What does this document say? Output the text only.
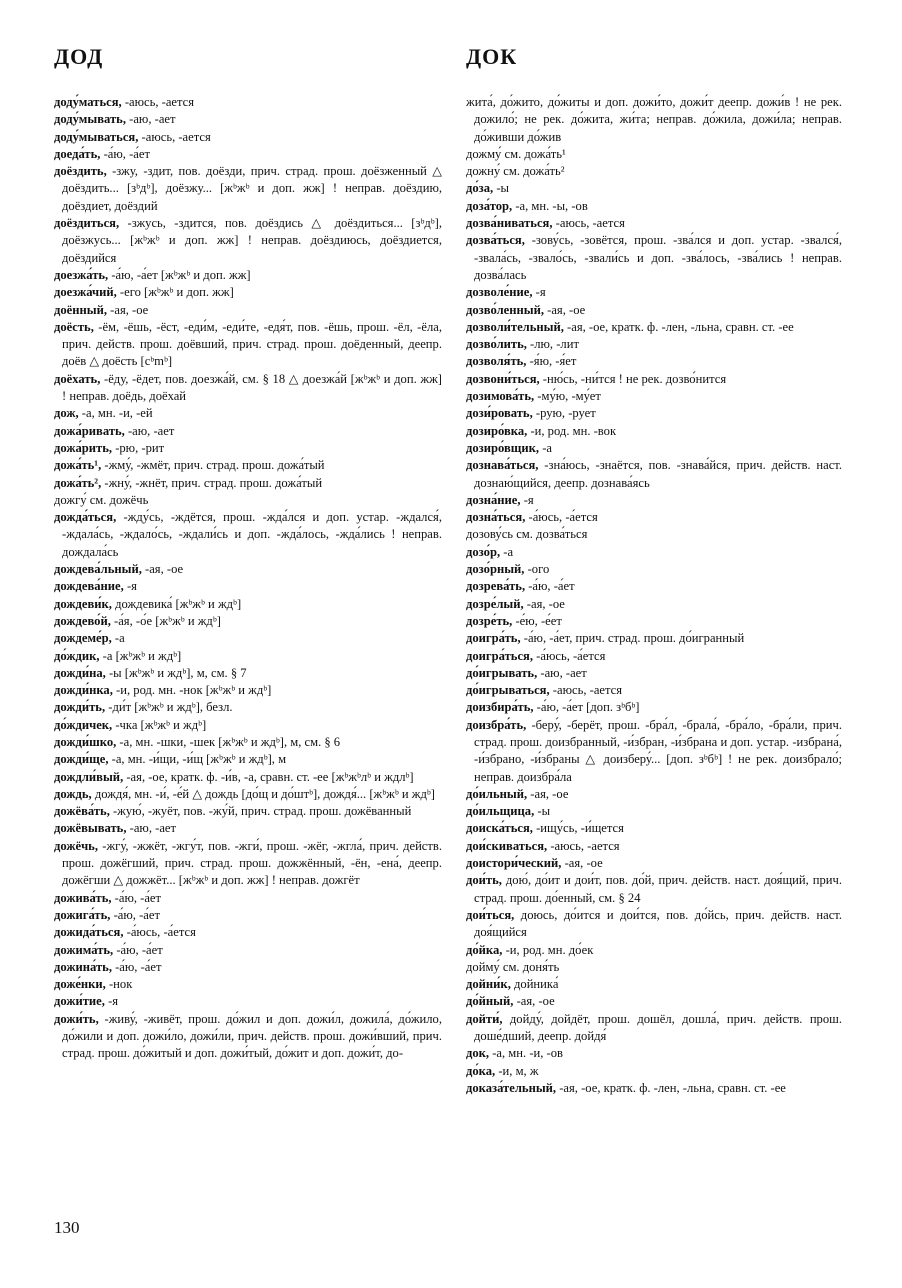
ДОД	ДОК

доду́маться, -аюсь, -ается

доду́мывать, -аю, -ает

доду́мываться, -аюсь, -ается

доеда́ть, -а́ю, -а́ет

доёздить, -зжу, -здит, пов. доёзди, прич. страд. прош. доёзженный △ доёздить... [зᵇдᵇ], доёзжу... [жᵇжᵇ и доп. жж] ! неправ. доёздию, доёздиет, доёздий

доёздиться, -зжусь, -здится, пов. доёздись △ доёздиться... [зᵇдᵇ], доёзжусь... [жᵇжᵇ и доп. жж] ! неправ. доёздиюсь, доёздиется, доёздийся

доезжа́ть, -а́ю, -а́ет [жᵇжᵇ и доп. жж]

доезжа́чий, -его [жᵇжᵇ и доп. жж]

доённый, -ая, -ое

доёсть, -ём, -ёшь, -ёст, -еди́м, -еди́те, -едя́т, пов. -ёшь, прош. -ёл, -ёла, прич. действ. прош. доёвший, прич. страд. прош. доёденный, деепр. доёв △ доёсть [cᵇmᵇ]

доёхать, -ёду, -ёдет, пов. доезжа́й, см. § 18 △ доезжа́й [жᵇжᵇ и доп. жж] ! неправ. доёдь, доёхай

дож, -а, мн. -и, -ей

дожа́ривать, -аю, -ает

дожа́рить, -рю, -рит

дожа́ть¹, -жму́, -жмёт, прич. страд. прош. дожа́тый

дожа́ть², -жну́, -жнёт, прич. страд. прош. дожа́тый

дожгу́ см. дожёчь

дожда́ться, -жду́сь, -ждётся, прош. -жда́лся и доп. устар. -ждался́, -ждала́сь, -ждало́сь, -ждали́сь и доп. -жда́лось, -жда́лись ! неправ. дождала́сь

дождева́льный, -ая, -ое

дождева́ние, -я

дождеви́к, дождевика́ [жᵇжᵇ и ждᵇ]

дождево́й, -а́я, -о́е [жᵇжᵇ и ждᵇ]

дождеме́р, -а

до́ждик, -а [жᵇжᵇ и ждᵇ]

дожди́на, -ы [жᵇжᵇ и ждᵇ], м, см. § 7

дожди́нка, -и, род. мн. -нок [жᵇжᵇ и ждᵇ]

дожди́ть, -ди́т [жᵇжᵇ и ждᵇ], безл.

до́ждичек, -чка [жᵇжᵇ и ждᵇ]

дожди́шко, -а, мн. -шки, -шек [жᵇжᵇ и ждᵇ], м, см. § 6

дожди́ще, -а, мн. -и́щи, -и́щ [жᵇжᵇ и ждᵇ], м

дождли́вый, -ая, -ое, кратк. ф. -и́в, -а, сравн. ст. -ее [жᵇжᵇлᵇ и ждлᵇ]

дождь, дождя́, мн. -и́, -е́й △ дождь [до́щ и до́штᵇ], дождя́... [жᵇжᵇ и ждᵇ]

дожёва́ть, -жую́, -жуёт, пов. -жу́й, прич. страд. прош. дожёванный

дожёвывать, -аю, -ает

дожёчь, -жгу́, -жжёт, -жгу́т, пов. -жги́, прош. -жёг, -жгла́, прич. действ. прош. дожёгший, прич. страд. прош. дожжённый, -ён, -ена́, деепр. дожёгши △ дожжёт... [жᵇжᵇ и доп. жж] ! неправ. дожгёт

дожива́ть, -а́ю, -а́ет

дожига́ть, -а́ю, -а́ет

дожида́ться, -а́юсь, -а́ется

дожима́ть, -а́ю, -а́ет

дожина́ть, -а́ю, -а́ет

доже́нки, -нок

дожи́тие, -я

дожи́ть, -живу́, -живёт, прош. до́жил и доп. дожи́л, дожила́, до́жило, до́жили и доп. дожи́ло, дожи́ли, прич. действ. прош. дожи́вший, прич. страд. прош. до́житый и доп. дожи́тый, до́жит и доп. дожи́т, до-

жита́, до́жито, до́житы и доп. дожи́то, дожи́т деепр. дожи́в ! не рек. дожило́; не рек. до́жита, жи́та; неправ. до́жила, дожи́ла; неправ. до́живши до́жив

дожму́ см. дожа́ть¹

дожну́ см. дожа́ть²

до́за, -ы

доза́тор, -а, мн. -ы, -ов

дозва́ниваться, -аюсь, -ается

дозва́ться, -зову́сь, -зовётся, прош. -зва́лся и доп. устар. -звался́, -звала́сь, -звало́сь, -звали́сь и доп. -зва́лось, -зва́лись ! неправ. дозва́лась

дозволе́ние, -я

дозво́ленный, -ая, -ое

дозволи́тельный, -ая, -ое, кратк. ф. -лен, -льна, сравн. ст. -ее

дозво́лить, -лю, -лит

дозволя́ть, -я́ю, -я́ет

дозвони́ться, -ню́сь, -ни́тся ! не рек. дозво́нится

дозимова́ть, -му́ю, -му́ет

дози́ровать, -рую, -рует

дозиро́вка, -и, род. мн. -вок

дозиро́вщик, -а

дознава́ться, -зна́юсь, -знаётся, пов. -знава́йся, прич. действ. наст. дознаю́щийся, деепр. дознава́ясь

дозна́ние, -я

дозна́ться, -а́юсь, -а́ется

дозову́сь см. дозва́ться

дозо́р, -а

дозо́рный, -ого

дозрева́ть, -а́ю, -а́ет

дозре́лый, -ая, -ое

дозре́ть, -е́ю, -е́ет

доигра́ть, -а́ю, -а́ет, прич. страд. прош. до́игранный

доигра́ться, -а́юсь, -а́ется

до́игрывать, -аю, -ает

до́игрываться, -аюсь, -ается

доизбира́ть, -а́ю, -а́ет [доп. зᵇбᵇ]

доизбра́ть, -беру́, -берёт, прош. -бра́л, -брала́, -бра́ло, -бра́ли, прич. страд. прош. доизбранный, -и́збран, -и́збрана и доп. устар. -избрана́, -и́збрано, -и́збраны △ доизберу́... [доп. зᵇбᵇ] ! не рек. доизбрало́; неправ. доизбра́ла

до́ильный, -ая, -ое

до́ильщица, -ы

доиска́ться, -ищу́сь, -и́щется

дои́скиваться, -аюсь, -ается

доистори́ческий, -ая, -ое

дои́ть, дою́, до́ит и дои́т, пов. до́й, прич. действ. наст. доя́щий, прич. страд. прош. до́енный, см. § 24

дои́ться, доюсь, до́ится и дои́тся, пов. до́йсь, прич. действ. наст. доя́щийся

до́йка, -и, род. мн. до́ек

дойму́ см. доня́ть

дойни́к, дойника́

до́йный, -ая, -ое

дойти́, дойду́, дойдёт, прош. дошёл, дошла́, прич. действ. прош. доше́дший, деепр. дойдя́

док, -а, мн. -и, -ов

до́ка, -и, м, ж

доказа́тельный, -ая, -ое, кратк. ф. -лен, -льна, сравн. ст. -ее

130
